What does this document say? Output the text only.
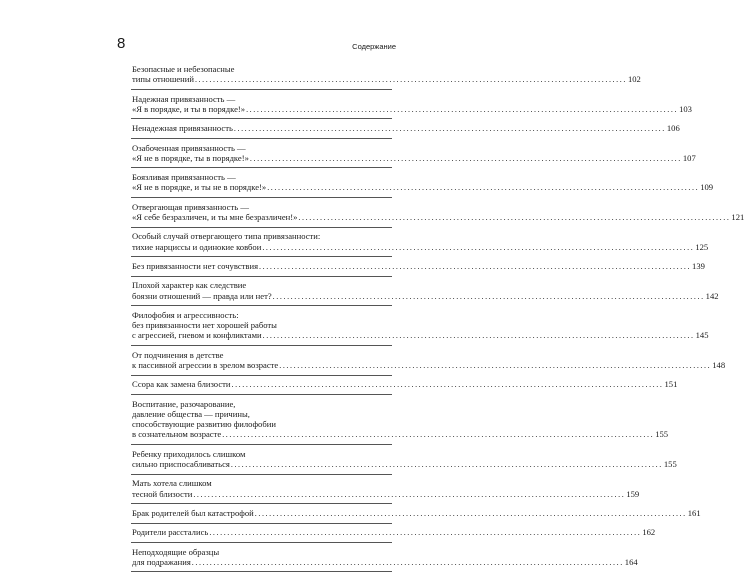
8	Содержание
Безопасные и небезопасные
типы отношений ........................................................................................................................ 102
Надежная привязанность —
«Я в порядке, и ты в порядке!» ........................................................................................................................ 103
Ненадежная привязанность ........................................................................................................................ 106
Озабоченная привязанность —
«Я не в порядке, ты в порядке!» ........................................................................................................................ 107
Боязливая привязанность —
«Я не в порядке, и ты не в порядке!» ........................................................................................................................ 109
Отвергающая привязанность —
«Я себе безразличен, и ты мне безразличен!» ........................................................................................................................ 121
Особый случай отвергающего типа привязанности:
тихие нарциссы и одинокие ковбои ........................................................................................................................ 125
Без привязанности нет сочувствия ........................................................................................................................ 139
Плохой характер как следствие
боязни отношений — правда или нет? ........................................................................................................................ 142
Филофобия и агрессивность:
без привязанности нет хорошей работы
с агрессией, гневом и конфликтами ........................................................................................................................ 145
От подчинения в детстве
к пассивной агрессии в зрелом возрасте ........................................................................................................................ 148
Ссора как замена близости ........................................................................................................................ 151
Воспитание, разочарование,
давление общества — причины,
способствующие развитию филофобии
в сознательном возрасте ........................................................................................................................ 155
Ребенку приходилось слишком
сильно приспосабливаться ........................................................................................................................ 155
Мать хотела слишком
тесной близости ........................................................................................................................ 159
Брак родителей был катастрофой ........................................................................................................................ 161
Родители расстались ........................................................................................................................ 162
Неподходящие образцы
для подражания ........................................................................................................................ 164
